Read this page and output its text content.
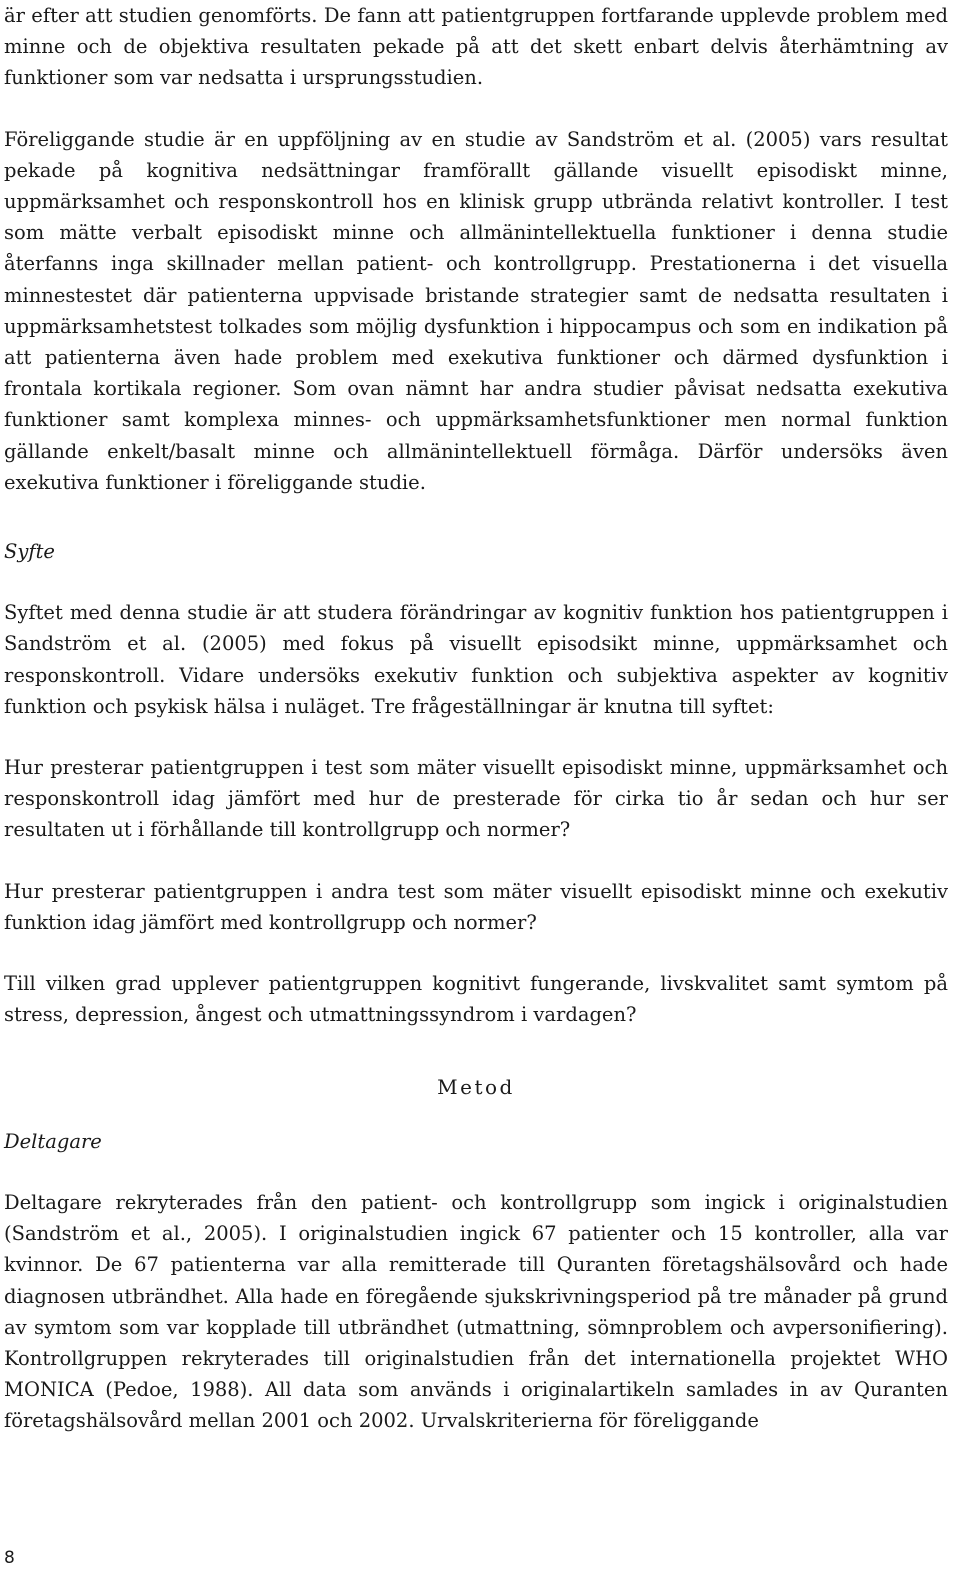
är efter att studien genomförts. De fann att patientgruppen fortfarande upplevde problem med minne och de objektiva resultaten pekade på att det skett enbart delvis återhämtning av funktioner som var nedsatta i ursprungsstudien.

Föreliggande studie är en uppföljning av en studie av Sandström et al. (2005) vars resultat pekade på kognitiva nedsättningar framförallt gällande visuellt episodiskt minne, uppmärksamhet och responskontroll hos en klinisk grupp utbrända relativt kontroller. I test som mätte verbalt episodiskt minne och allmänintellektuella funktioner i denna studie återfanns inga skillnader mellan patient- och kontrollgrupp. Prestationerna i det visuella minnestestet där patienterna uppvisade bristande strategier samt de nedsatta resultaten i uppmärksamhetstest tolkades som möjlig dysfunktion i hippocampus och som en indikation på att patienterna även hade problem med exekutiva funktioner och därmed dysfunktion i frontala kortikala regioner. Som ovan nämnt har andra studier påvisat nedsatta exekutiva funktioner samt komplexa minnes- och uppmärksamhetsfunktioner men normal funktion gällande enkelt/basalt minne och allmänintellektuell förmåga. Därför undersöks även exekutiva funktioner i föreliggande studie.

Syfte

Syftet med denna studie är att studera förändringar av kognitiv funktion hos patientgruppen i Sandström et al. (2005) med fokus på visuellt episodsikt minne, uppmärksamhet och responskontroll. Vidare undersöks exekutiv funktion och subjektiva aspekter av kognitiv funktion och psykisk hälsa i nuläget. Tre frågeställningar är knutna till syftet:

Hur presterar patientgruppen i test som mäter visuellt episodiskt minne, uppmärksamhet och responskontroll idag jämfört med hur de presterade för cirka tio år sedan och hur ser resultaten ut i förhållande till kontrollgrupp och normer?

Hur presterar patientgruppen i andra test som mäter visuellt episodiskt minne och exekutiv funktion idag jämfört med kontrollgrupp och normer?

Till vilken grad upplever patientgruppen kognitivt fungerande, livskvalitet samt symtom på stress, depression, ångest och utmattningssyndrom i vardagen?

Metod

Deltagare

Deltagare rekryterades från den patient- och kontrollgrupp som ingick i originalstudien (Sandström et al., 2005). I originalstudien ingick 67 patienter och 15 kontroller, alla var kvinnor. De 67 patienterna var alla remitterade till Quranten företagshälsovård och hade diagnosen utbrändhet. Alla hade en föregående sjukskrivningsperiod på tre månader på grund av symtom som var kopplade till utbrändhet (utmattning, sömnproblem och avpersonifiering). Kontrollgruppen rekryterades till originalstudien från det internationella projektet WHO MONICA (Pedoe, 1988). All data som används i originalartikeln samlades in av Quranten företagshälsovård mellan 2001 och 2002. Urvalskriterierna för föreliggande

8
